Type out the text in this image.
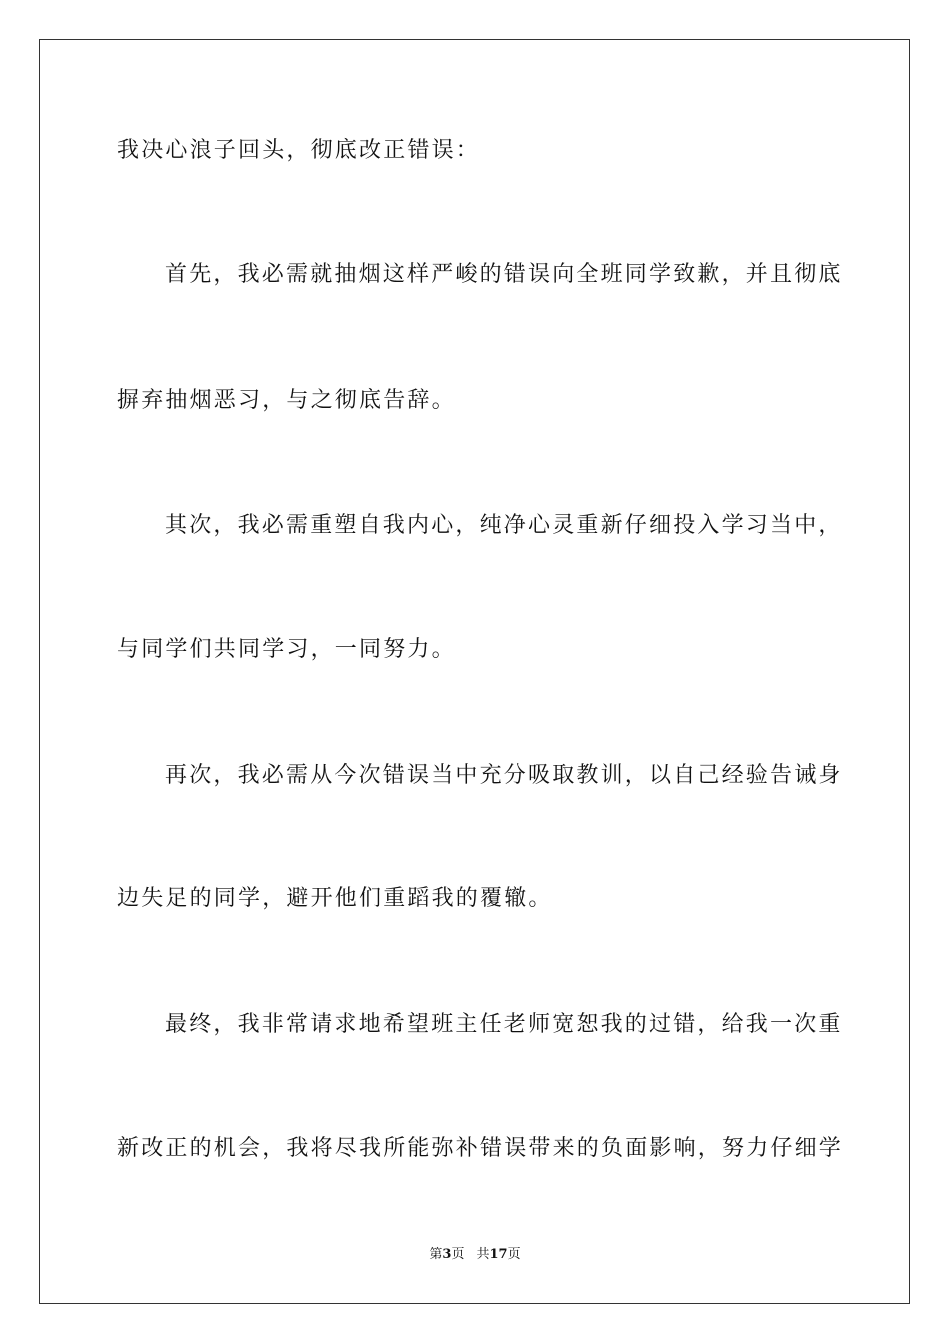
我决心浪子回头，彻底改正错误：
首先，我必需就抽烟这样严峻的错误向全班同学致歉，并且彻底
摒弃抽烟恶习，与之彻底告辞。
其次，我必需重塑自我内心，纯净心灵重新仔细投入学习当中，
与同学们共同学习，一同努力。
再次，我必需从今次错误当中充分吸取教训，以自己经验告诫身
边失足的同学，避开他们重蹈我的覆辙。
最终，我非常请求地希望班主任老师宽恕我的过错，给我一次重
新改正的机会，我将尽我所能弥补错误带来的负面影响，努力仔细学
第3页 共17页
